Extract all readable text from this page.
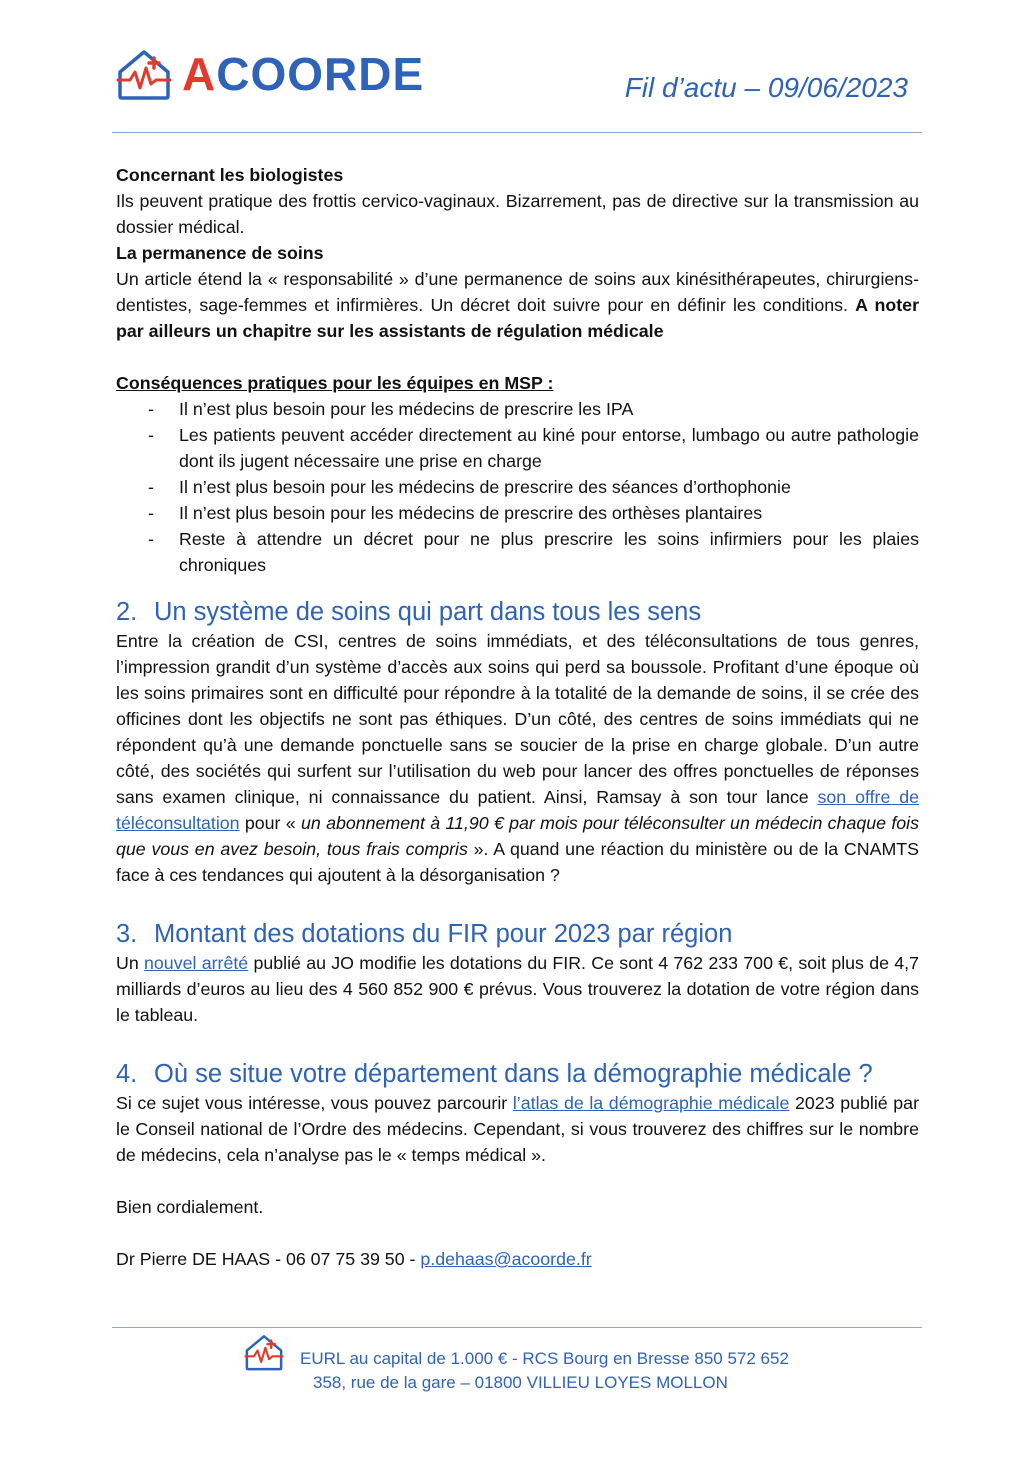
ACOORDE	Fil d’actu – 09/06/2023

Concernant les biologistes

Ils peuvent pratique des frottis cervico-vaginaux. Bizarrement, pas de directive sur la transmission au dossier médical.

La permanence de soins

Un article étend la « responsabilité » d’une permanence de soins aux kinésithérapeutes, chirurgiens-dentistes, sage-femmes et infirmières. Un décret doit suivre pour en définir les conditions. A noter par ailleurs un chapitre sur les assistants de régulation médicale

Conséquences pratiques pour les équipes en MSP :

- Il n’est plus besoin pour les médecins de prescrire les IPA
- Les patients peuvent accéder directement au kiné pour entorse, lumbago ou autre pathologie dont ils jugent nécessaire une prise en charge
- Il n’est plus besoin pour les médecins de prescrire des séances d’orthophonie
- Il n’est plus besoin pour les médecins de prescrire des orthèses plantaires
- Reste à attendre un décret pour ne plus prescrire les soins infirmiers pour les plaies chroniques
2. Un système de soins qui part dans tous les sens

Entre la création de CSI, centres de soins immédiats, et des téléconsultations de tous genres, l’impression grandit d’un système d’accès aux soins qui perd sa boussole. Profitant d’une époque où les soins primaires sont en difficulté pour répondre à la totalité de la demande de soins, il se crée des officines dont les objectifs ne sont pas éthiques. D’un côté, des centres de soins immédiats qui ne répondent qu’à une demande ponctuelle sans se soucier de la prise en charge globale. D’un autre côté, des sociétés qui surfent sur l’utilisation du web pour lancer des offres ponctuelles de réponses sans examen clinique, ni connaissance du patient. Ainsi, Ramsay à son tour lance son offre de téléconsultation pour « un abonnement à 11,90 € par mois pour téléconsulter un médecin chaque fois que vous en avez besoin, tous frais compris ». A quand une réaction du ministère ou de la CNAMTS face à ces tendances qui ajoutent à la désorganisation ?

3. Montant des dotations du FIR pour 2023 par région

Un nouvel arrêté publié au JO modifie les dotations du FIR. Ce sont 4 762 233 700 €, soit plus de 4,7 milliards d’euros au lieu des 4 560 852 900 € prévus. Vous trouverez la dotation de votre région dans le tableau.

4. Où se situe votre département dans la démographie médicale ?

Si ce sujet vous intéresse, vous pouvez parcourir l’atlas de la démographie médicale 2023 publié par le Conseil national de l’Ordre des médecins. Cependant, si vous trouverez des chiffres sur le nombre de médecins, cela n’analyse pas le « temps médical ».

Bien cordialement.

Dr Pierre DE HAAS - 06 07 75 39 50 - p.dehaas@acoorde.fr

EURL au capital de 1.000 € - RCS Bourg en Bresse 850 572 652
358, rue de la gare – 01800 VILLIEU LOYES MOLLON
